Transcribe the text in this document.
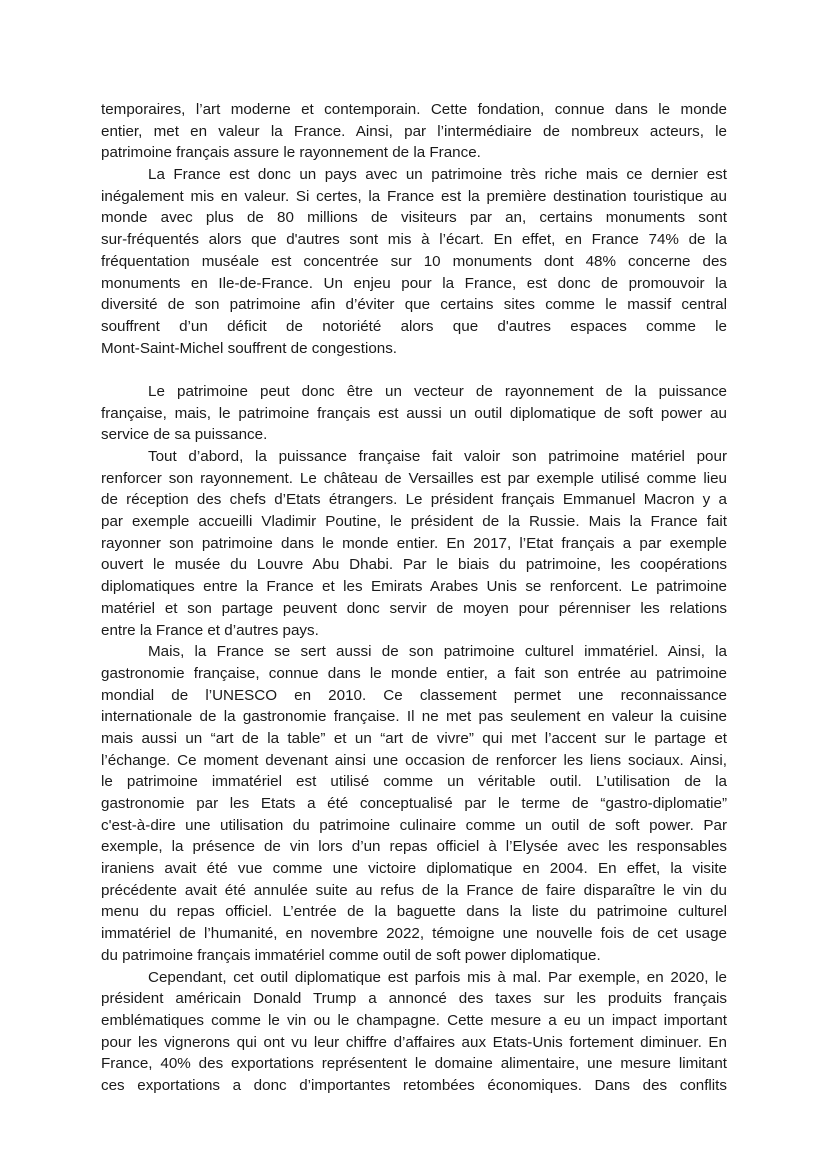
temporaires, l’art moderne et contemporain. Cette fondation, connue dans le monde
entier, met en valeur la France. Ainsi, par l’intermédiaire de nombreux acteurs, le
patrimoine français assure le rayonnement de la France.
La France est donc un pays avec un patrimoine très riche mais ce dernier est
inégalement mis en valeur. Si certes, la France est la première destination touristique au
monde avec plus de 80 millions de visiteurs par an, certains monuments sont
sur-fréquentés alors que d'autres sont mis à l’écart. En effet, en France 74% de la
fréquentation muséale est concentrée sur 10 monuments dont 48% concerne des
monuments en Ile-de-France. Un enjeu pour la France, est donc de promouvoir la
diversité de son patrimoine afin d’éviter que certains sites comme le massif central
souffrent d’un déficit de notoriété alors que d'autres espaces comme le
Mont-Saint-Michel souffrent de congestions.
Le patrimoine peut donc être un vecteur de rayonnement de la puissance
française, mais, le patrimoine français est aussi un outil diplomatique de soft power au
service de sa puissance.
Tout d’abord, la puissance française fait valoir son patrimoine matériel pour
renforcer son rayonnement. Le château de Versailles est par exemple utilisé comme lieu
de réception des chefs d’Etats étrangers. Le président français Emmanuel Macron y a
par exemple accueilli Vladimir Poutine, le président de la Russie. Mais la France fait
rayonner son patrimoine dans le monde entier. En 2017, l’Etat français a par exemple
ouvert le musée du Louvre Abu Dhabi. Par le biais du patrimoine, les coopérations
diplomatiques entre la France et les Emirats Arabes Unis se renforcent. Le patrimoine
matériel et son partage peuvent donc servir de moyen pour pérenniser les relations
entre la France et d’autres pays.
Mais, la France se sert aussi de son patrimoine culturel immatériel. Ainsi, la
gastronomie française, connue dans le monde entier, a fait son entrée au patrimoine
mondial de l’UNESCO en 2010. Ce classement permet une reconnaissance
internationale de la gastronomie française. Il ne met pas seulement en valeur la cuisine
mais aussi un “art de la table” et un “art de vivre” qui met l’accent sur le partage et
l’échange. Ce moment devenant ainsi une occasion de renforcer les liens sociaux. Ainsi,
le patrimoine immatériel est utilisé comme un véritable outil. L’utilisation de la
gastronomie par les Etats a été conceptualisé par le terme de “gastro-diplomatie”
c'est-à-dire une utilisation du patrimoine culinaire comme un outil de soft power. Par
exemple, la présence de vin lors d’un repas officiel à l’Elysée avec les responsables
iraniens avait été vue comme une victoire diplomatique en 2004. En effet, la visite
précédente avait été annulée suite au refus de la France de faire disparaître le vin du
menu du repas officiel. L’entrée de la baguette dans la liste du patrimoine culturel
immatériel de l’humanité, en novembre 2022, témoigne une nouvelle fois de cet usage
du patrimoine français immatériel comme outil de soft power diplomatique.
Cependant, cet outil diplomatique est parfois mis à mal. Par exemple, en 2020, le
président américain Donald Trump a annoncé des taxes sur les produits français
emblématiques comme le vin ou le champagne. Cette mesure a eu un impact important
pour les vignerons qui ont vu leur chiffre d’affaires aux Etats-Unis fortement diminuer. En
France, 40% des exportations représentent le domaine alimentaire, une mesure limitant
ces exportations a donc d’importantes retombées économiques. Dans des conflits
